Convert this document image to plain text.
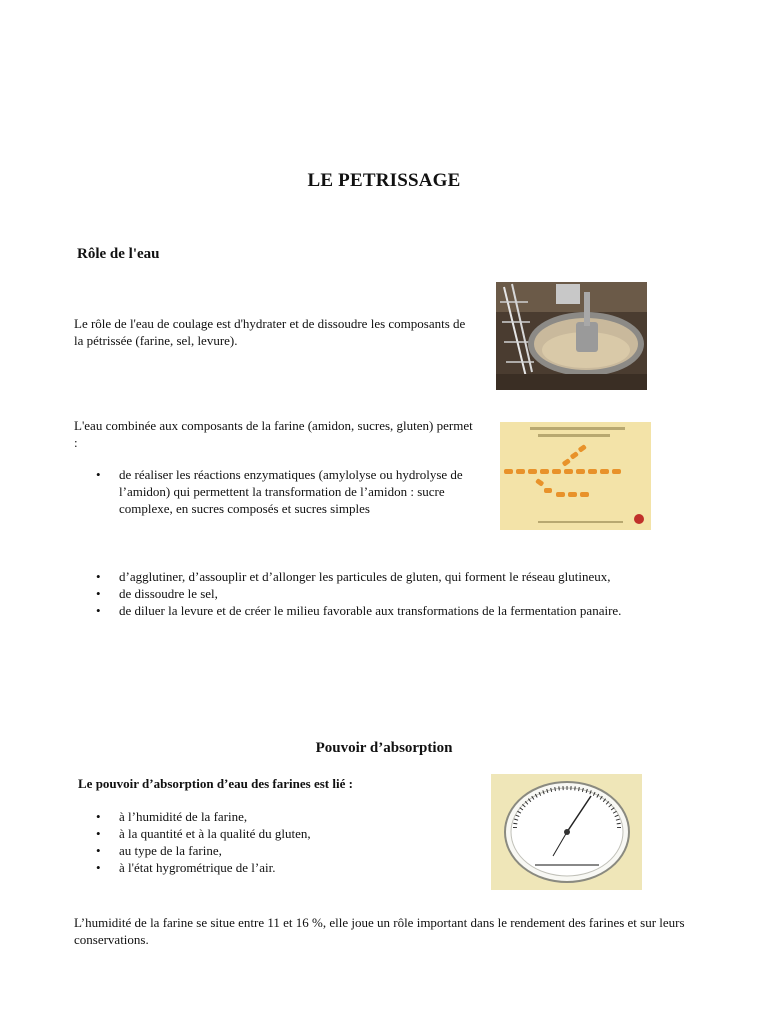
LE PETRISSAGE
Rôle de l'eau
Le rôle de l'eau de coulage est d'hydrater et de dissoudre les composants de la pétrissée (farine, sel, levure).
L'eau combinée aux composants de la farine (amidon, sucres, gluten) permet :
• de réaliser les réactions enzymatiques (amylolyse ou hydrolyse de l’amidon) qui permettent la transformation de l’amidon : sucre complexe, en sucres composés et sucres simples
• d’agglutiner, d’assouplir et d’allonger les particules de gluten, qui forment le réseau glutineux,
• de dissoudre le sel,
• de diluer la levure et de créer le milieu favorable aux transformations de la fermentation panaire.
Pouvoir d’absorption
Le pouvoir d’absorption d’eau des farines est lié :
• à l’humidité de la farine,
• à la quantité et à la qualité du gluten,
• au type de la farine,
• à l'état hygrométrique de l’air.
L’humidité de la farine se situe entre 11 et 16 %, elle joue un rôle important dans le rendement des farines et sur leurs conservations.
